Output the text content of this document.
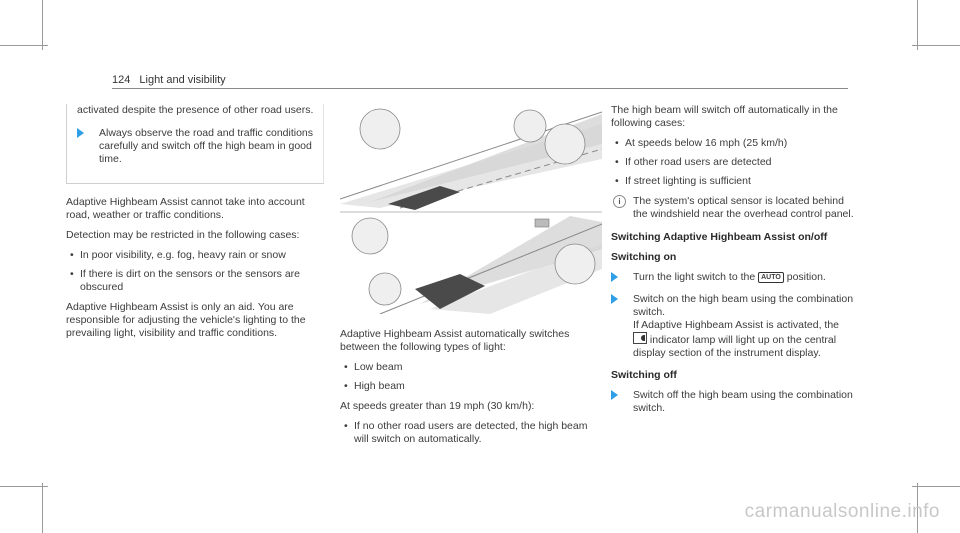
124 Light and visibility

activated despite the presence of other road users.

Always observe the road and traffic conditions carefully and switch off the high beam in good time.

Adaptive Highbeam Assist cannot take into account road, weather or traffic conditions.

Detection may be restricted in the following cases:

• In poor visibility, e.g. fog, heavy rain or snow
• If there is dirt on the sensors or the sensors are obscured

Adaptive Highbeam Assist is only an aid. You are responsible for adjusting the vehicle's lighting to the prevailing light, visibility and traffic conditions.	Adaptive Highbeam Assist automatically switches between the following types of light:

• Low beam
• High beam

At speeds greater than 19 mph (30 km/h):

• If no other road users are detected, the high beam will switch on automatically.

The high beam will switch off automatically in the following cases:

• At speeds below 16 mph (25 km/h)
• If other road users are detected
• If street lighting is sufficient
i	The system's optical sensor is located behind the windshield near the overhead control panel.

Switching Adaptive Highbeam Assist on/off

Switching on

Turn the light switch to the AUTO position.
Switch on the high beam using the combination switch.
If Adaptive Highbeam Assist is activated, the  indicator lamp will light up on the central display section of the instrument display.

Switching off

Switch off the high beam using the combination switch.
carmanualsonline.info
